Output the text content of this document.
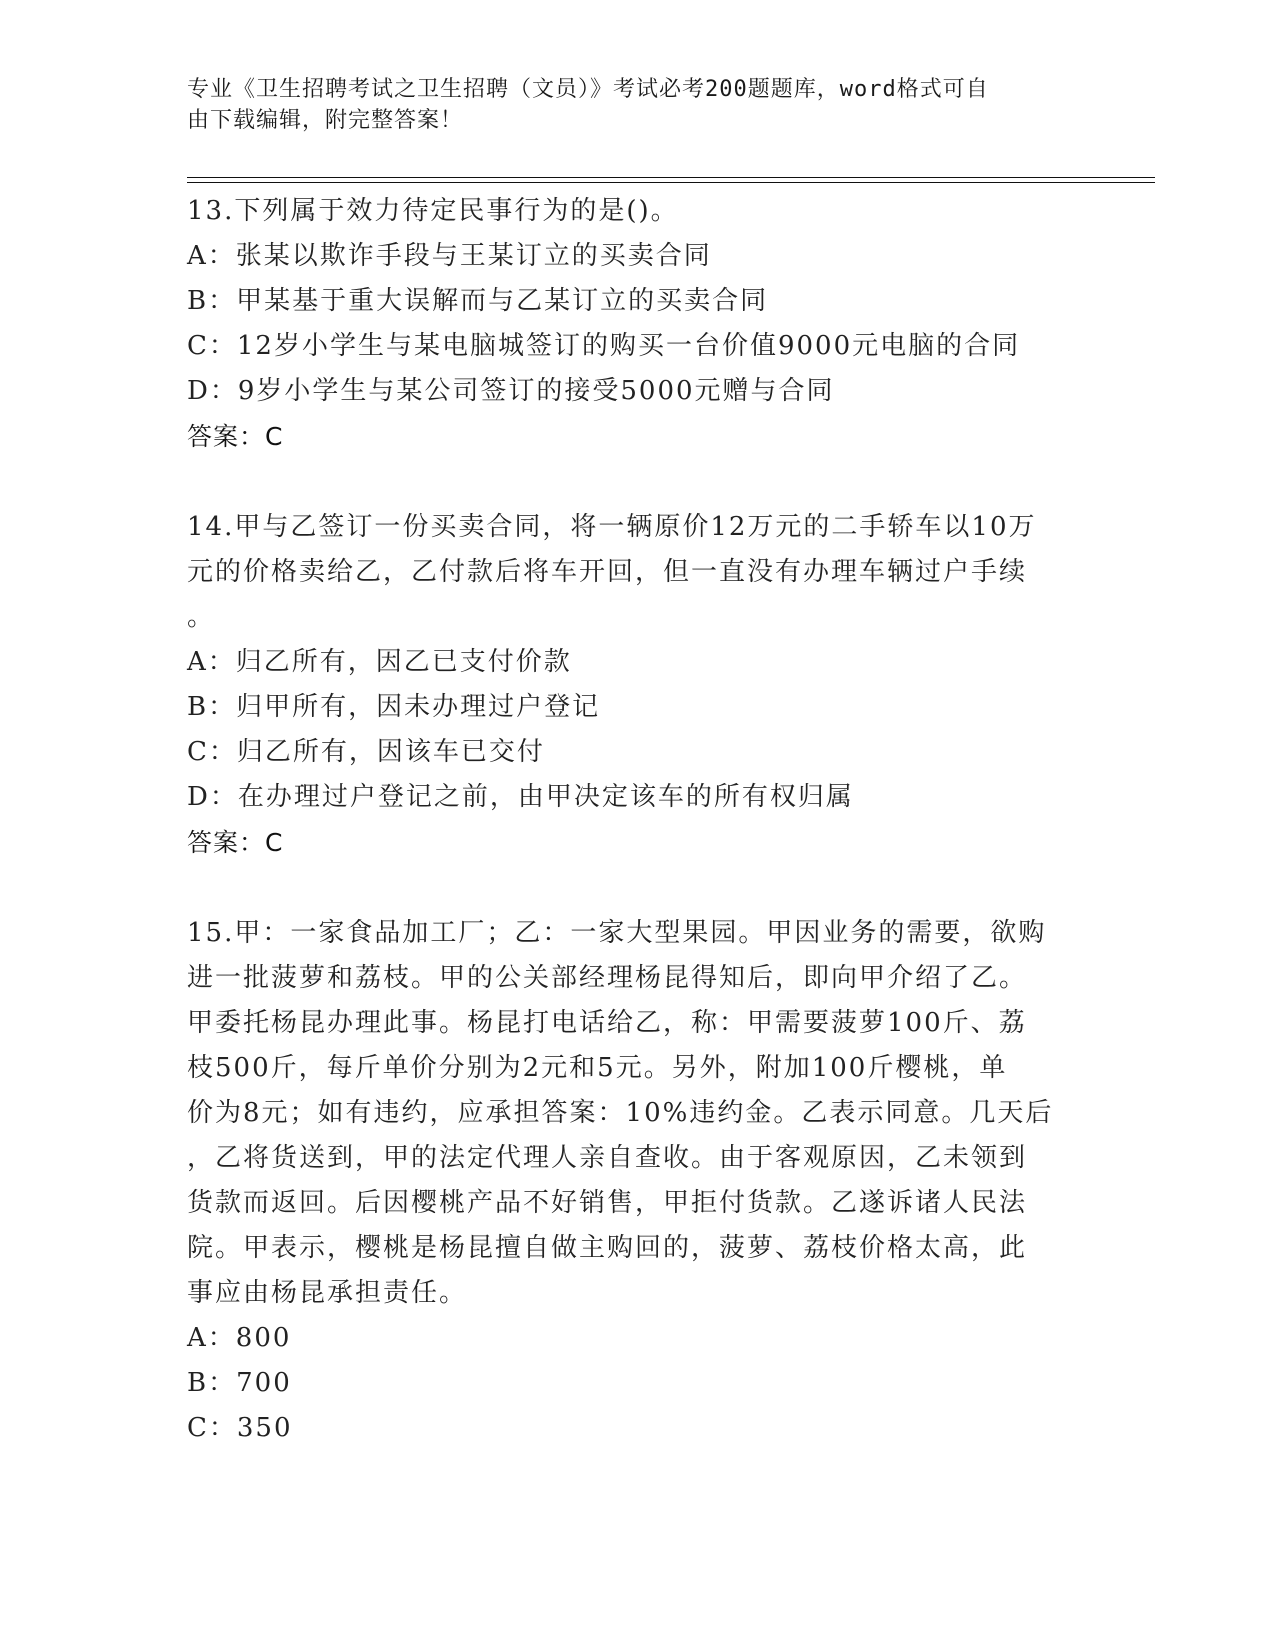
专业《卫生招聘考试之卫生招聘（文员）》考试必考200题题库，word格式可自
由下载编辑，附完整答案！
13.下列属于效力待定民事行为的是()。
A：张某以欺诈手段与王某订立的买卖合同
B：甲某基于重大误解而与乙某订立的买卖合同
C：12岁小学生与某电脑城签订的购买一台价值9000元电脑的合同
D：9岁小学生与某公司签订的接受5000元赠与合同
答案：C
14.甲与乙签订一份买卖合同，将一辆原价12万元的二手轿车以10万
元的价格卖给乙，乙付款后将车开回，但一直没有办理车辆过户手续
。
A：归乙所有，因乙已支付价款
B：归甲所有，因未办理过户登记
C：归乙所有，因该车已交付
D：在办理过户登记之前，由甲决定该车的所有权归属
答案：C
15.甲：一家食品加工厂；乙：一家大型果园。甲因业务的需要，欲购
进一批菠萝和荔枝。甲的公关部经理杨昆得知后，即向甲介绍了乙。
甲委托杨昆办理此事。杨昆打电话给乙，称：甲需要菠萝100斤、荔
枝500斤，每斤单价分别为2元和5元。另外，附加100斤樱桃，单
价为8元；如有违约，应承担答案：10%违约金。乙表示同意。几天后
，乙将货送到，甲的法定代理人亲自查收。由于客观原因，乙未领到
货款而返回。后因樱桃产品不好销售，甲拒付货款。乙遂诉诸人民法
院。甲表示，樱桃是杨昆擅自做主购回的，菠萝、荔枝价格太高，此
事应由杨昆承担责任。
A：800
B：700
C：350
